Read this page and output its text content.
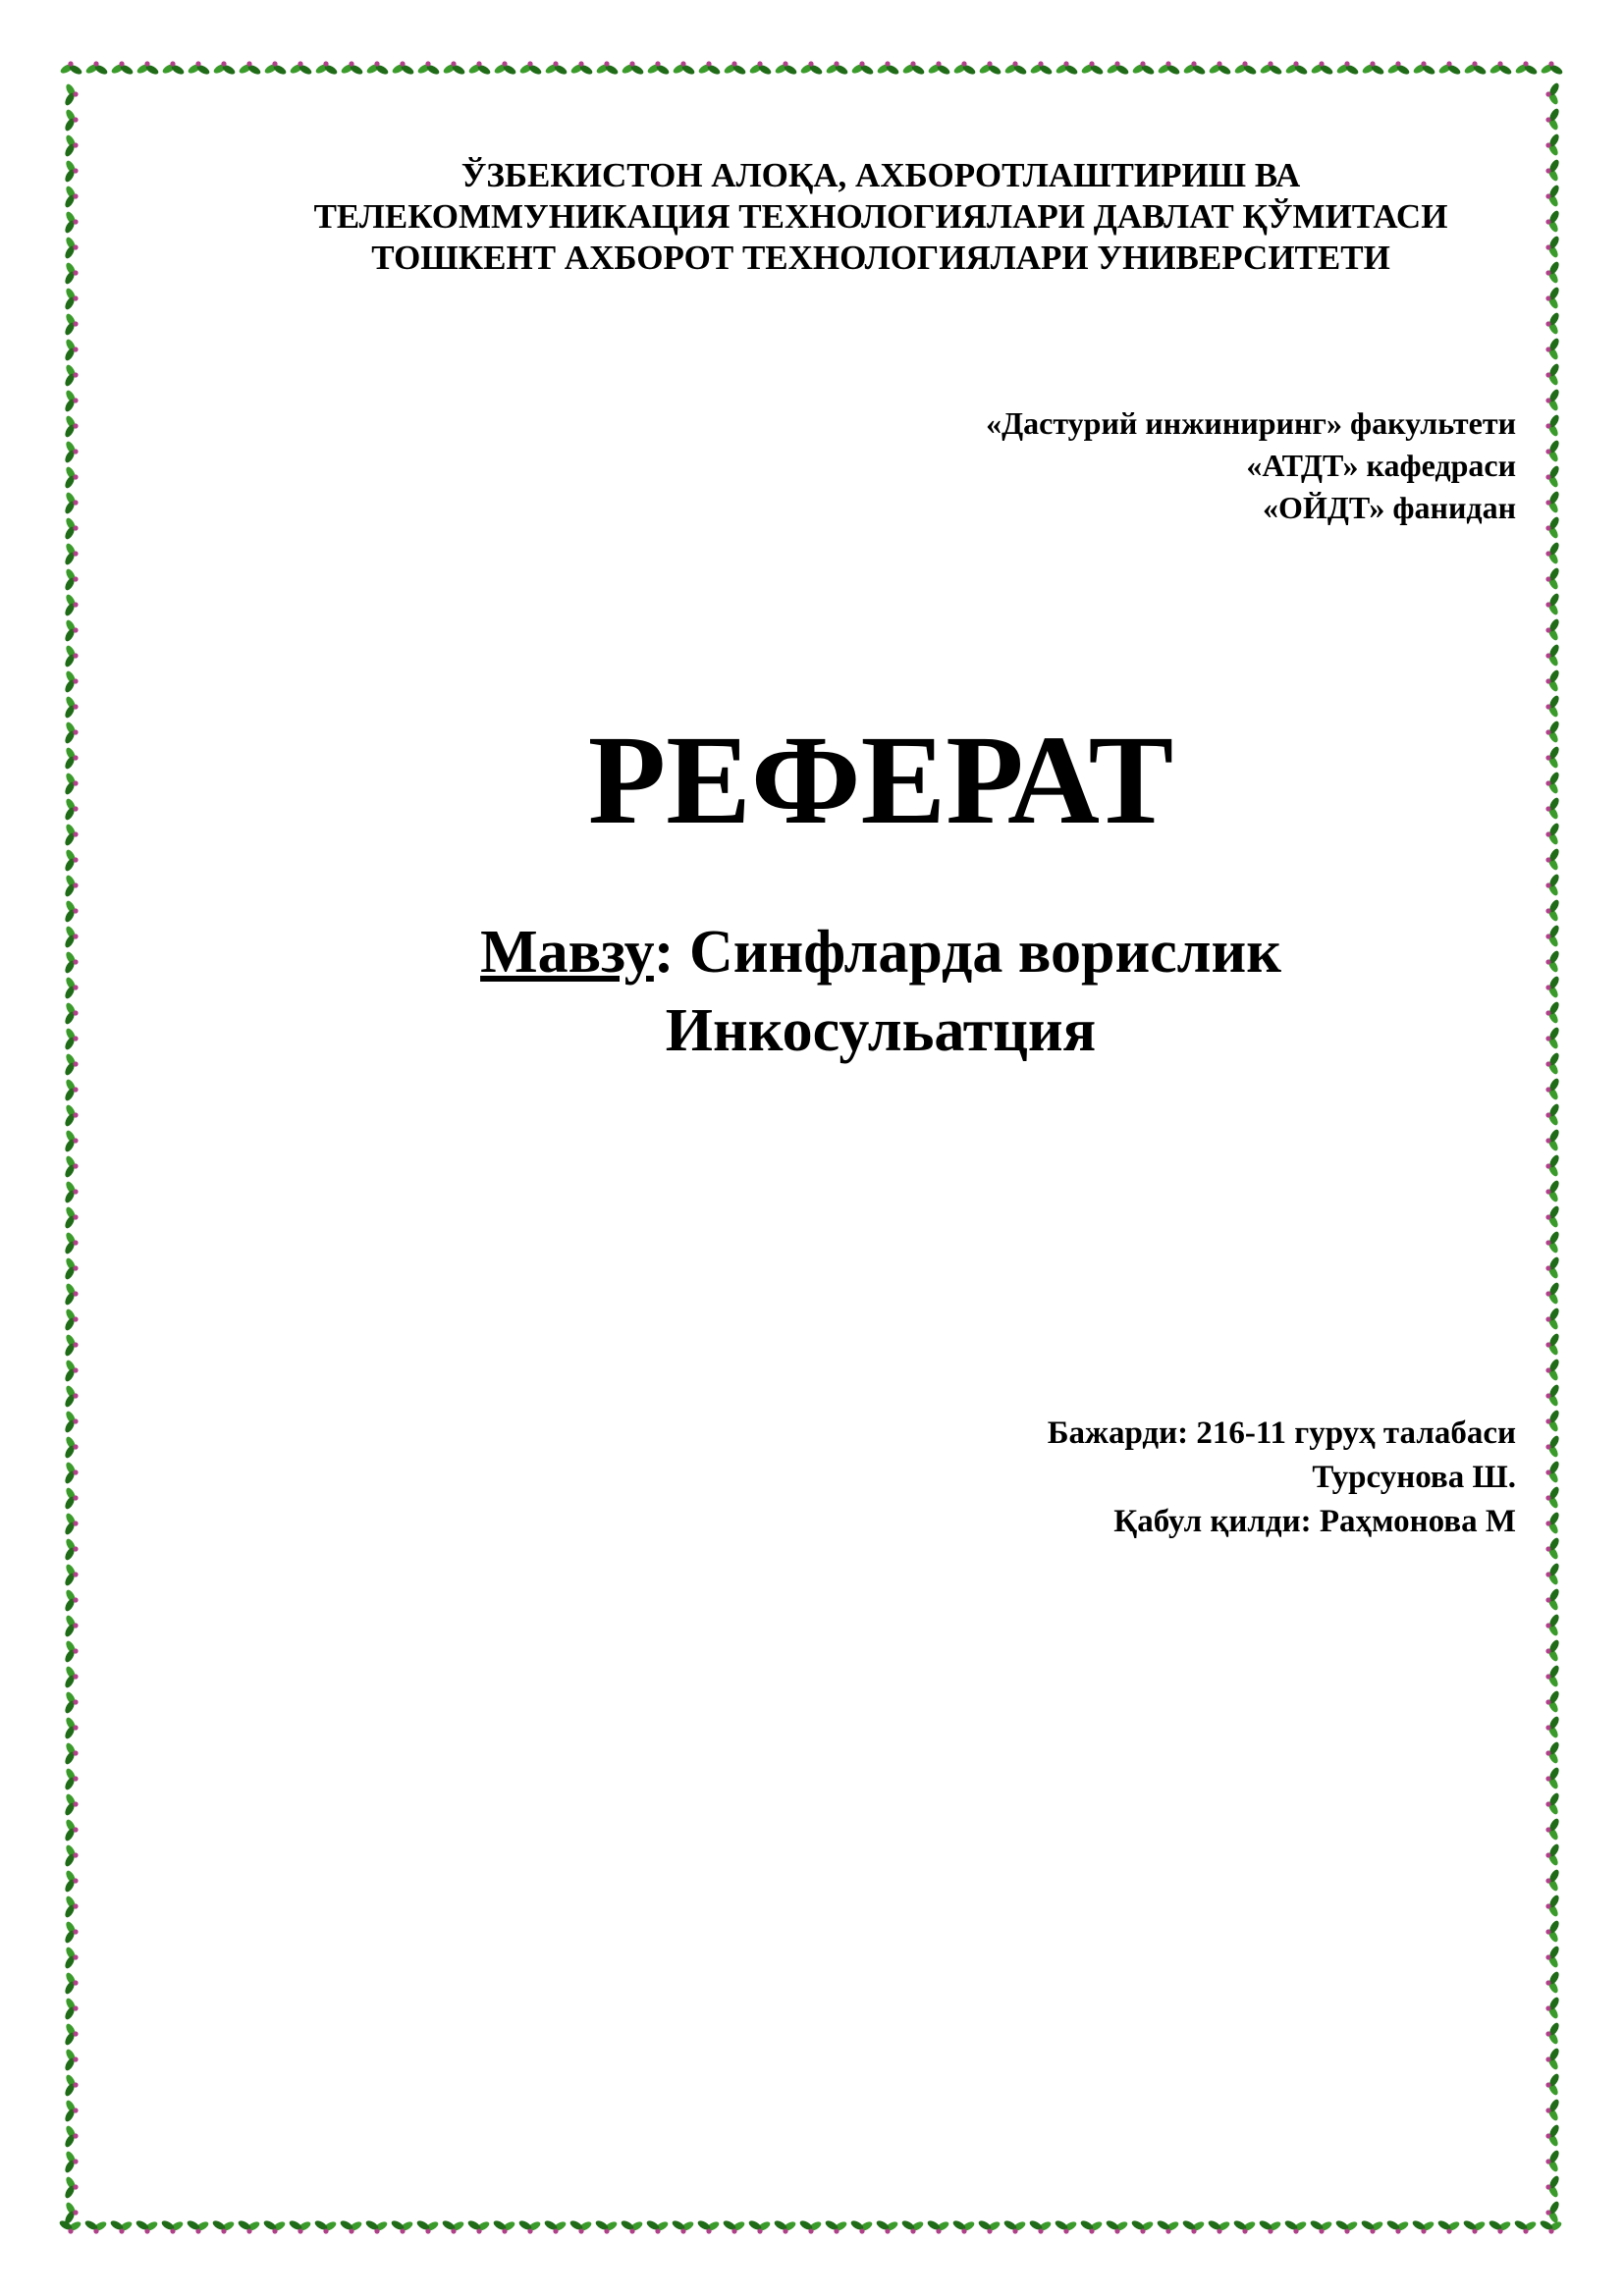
ЎЗБЕКИСТОН АЛОҚА, АХБОРОТЛАШТИРИШ ВА
ТЕЛЕКОММУНИКАЦИЯ ТЕХНОЛОГИЯЛАРИ ДАВЛАТ ҚЎМИТАСИ
ТОШКЕНТ АХБОРОТ ТЕХНОЛОГИЯЛАРИ УНИВЕРСИТЕТИ
«Дастурий инжиниринг» факультети
«АТДТ» кафедраси
«ОЙДТ» фанидан
РЕФЕРАТ
Мавзу: Синфларда ворислик
Инкосульатция
Бажарди: 216-11 гуруҳ талабаси
Турсунова Ш.
Қабул қилди: Раҳмонова М
